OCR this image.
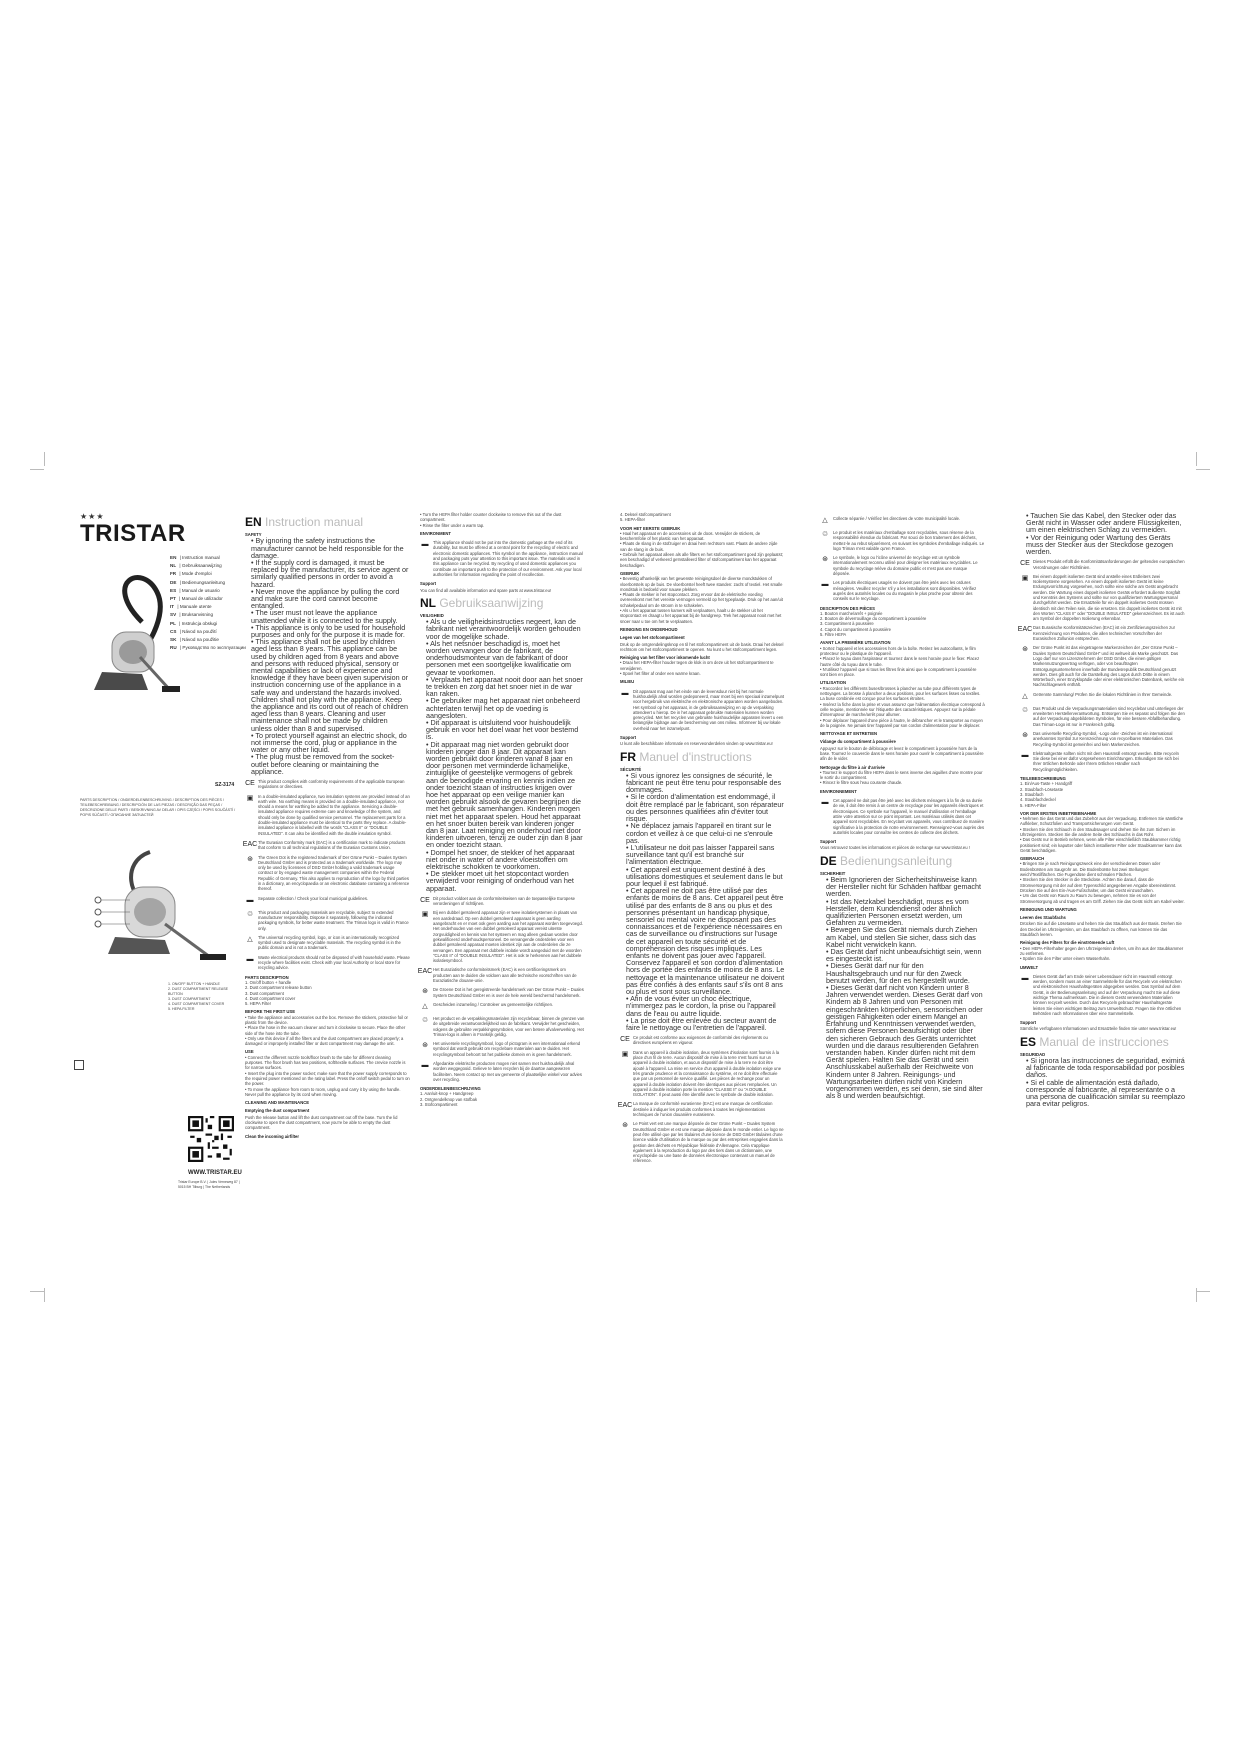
★★★
TRISTAR
EN | Instruction manual
NL | Gebruiksaanwijzing
FR | Mode d'emploi
DE | Bedienungsanleitung
ES | Manual de usuario
PT | Manual de utilizador
IT | Manuale utente
SV | Bruksanvisning
PL | Instrukcja obsługi
CS | Návod na použití
SK | Návod na použitie
RU | Руководство по эксплуатации
SZ-3174
PARTS DESCRIPTION / ONDERDELENBESCHRIJVING / DESCRIPTION DES PIÈCES / TEILEBESCHREIBUNG / DESCRIPCIÓN DE LAS PIEZAS / DESCRIÇÃO DAS PEÇAS / DESCRIZIONE DELLE PARTI / BESKRIVNING AV DELAR / OPIS CZĘŚCI / POPIS SOUČÁSTÍ / POPIS SÚČASTÍ / ОПИСАНИЕ ЗАПЧАСТЕЙ
1. ON/OFF BUTTON + HANDLE
2. DUST COMPARTMENT RELEASE BUTTON
3. DUST COMPARTMENT
4. DUST COMPARTMENT COVER
5. HEPA FILTER
WWW.TRISTAR.EU
Tristar Europe B.V. | Jules Verneweg 87 | 5015 BH Tilburg | The Netherlands
EN Instruction manual
SAFETY
• By ignoring the safety instructions the manufacturer cannot be held responsible for the damage.
• If the supply cord is damaged, it must be replaced by the manufacturer, its service agent or similarly qualified persons in order to avoid a hazard.
• Never move the appliance by pulling the cord and make sure the cord cannot become entangled.
• The user must not leave the appliance unattended while it is connected to the supply.
• This appliance is only to be used for household purposes and only for the purpose it is made for.
• This appliance shall not be used by children aged less than 8 years. This appliance can be used by children aged from 8 years and above and persons with reduced physical, sensory or mental capabilities or lack of experience and knowledge if they have been given supervision or instruction concerning use of the appliance in a safe way and understand the hazards involved. Children shall not play with the appliance. Keep the appliance and its cord out of reach of children aged less than 8 years. Cleaning and user maintenance shall not be made by children unless older than 8 and supervised.
• To protect yourself against an electric shock, do not immerse the cord, plug or appliance in the water or any other liquid.
• The plug must be removed from the socket-outlet before cleaning or maintaining the appliance.
CE This product complies with conformity requirements of the applicable European regulations or directives.
▣	In a double-insulated appliance, two insulation systems are provided instead of an earth wire. No earthing means is provided on a double-insulated appliance, nor should a means for earthing be added to the appliance. Servicing a double-insulated appliance requires extreme care and knowledge of the system, and should only be done by qualified service personnel. The replacement parts for a double-insulated appliance must be identical to the parts they replace. A double-insulated appliance is labelled with the words "CLASS II" or "DOUBLE INSULATED". It can also be identified with the double insulation symbol.
EAC The Eurasian Conformity mark (EAC) is a certification mark to indicate products that conform to all technical regulations of the Eurasian Customs Union.
⊛	The Green Dot is the registered trademark of Der Grüne Punkt – Duales System Deutschland GmbH and is protected as a trademark worldwide. The logo may only be used by licensees of DSD GmbH holding a valid trademark usage contract or by engaged waste management companies within the Federal Republic of Germany. This also applies to reproduction of the logo by third parties in a dictionary, an encyclopaedia or an electronic database containing a reference thereof.
▬	Separate collection / Check your local municipal guidelines.
♲	This product and packaging materials are recyclable, subject to extended manufacturer responsibility. Dispose it separately, following the indicated packaging symbols, for better waste treatment. The Triman logo is valid in France only.
△	The universal recycling symbol, logo, or icon is an internationally recognized symbol used to designate recyclable materials. The recycling symbol is in the public domain and is not a trademark.
▬	Waste electrical products should not be disposed of with household waste. Please recycle where facilities exist. Check with your local Authority or local store for recycling advice.
PARTS DESCRIPTION
1. On/off button + handle
2. Dust compartment release button
3. Dust compartment
4. Dust compartment cover
5. HEPA Filter
BEFORE THE FIRST USE
• Take the appliance and accessories out the box. Remove the stickers, protective foil or plastic from the device.
• Place the hose in the vacuum cleaner and turn it clockwise to secure. Place the other side of the hose into the tube.
• Only use this device if all the filters and the dust compartment are placed properly; a damaged or improperly installed filter or dust compartment may damage the unit.
USE
• Connect the different nozzle tools/floor brush to the tube for different cleaning purposes. The floor brush has two positions, soft/textile surfaces. The crevice nozzle is for narrow surfaces.
• Insert the plug into the power socket; make sure that the power supply corresponds to the required power mentioned on the rating label. Press the on/off switch pedal to turn on the power.
• To move the appliance from room to room, unplug and carry it by using the handle. Never pull the appliance by its cord when moving.
CLEANING AND MAINTENANCE
Emptying the dust compartment
Push the release button and lift the dust compartment out off the base. Turn the lid clockwise to open the dust compartment, now you're be able to empty the dust compartment.
Clean the incoming airfilter
• Turn the HEPA filter holder counter clockwise to remove this out of the dust compartment.
• Rinse the filter under a warm tap.
ENVIRONMENT
▬	This appliance should not be put into the domestic garbage at the end of its durability, but must be offered at a central point for the recycling of electric and electronic domestic appliances. This symbol on the appliance, instruction manual and packaging puts your attention to this important issue. The materials used in this appliance can be recycled. By recycling of used domestic appliances you contribute an important push to the protection of our environment. Ask your local authorities for information regarding the point of recollection.
Support
You can find all available information and spare parts at www.tristar.eu!
NL Gebruiksaanwijzing
VEILIGHEID
• Als u de veiligheidsinstructies negeert, kan de fabrikant niet verantwoordelijk worden gehouden voor de mogelijke schade.
• Als het netsnoer beschadigd is, moet het worden vervangen door de fabrikant, de onderhoudsmonteur van de fabrikant of door personen met een soortgelijke kwalificatie om gevaar te voorkomen.
• Verplaats het apparaat nooit door aan het snoer te trekken en zorg dat het snoer niet in de war kan raken.
• De gebruiker mag het apparaat niet onbeheerd achterlaten terwijl het op de voeding is aangesloten.
• Dit apparaat is uitsluitend voor huishoudelijk gebruik en voor het doel waar het voor bestemd is.
• Dit apparaat mag niet worden gebruikt door kinderen jonger dan 8 jaar. Dit apparaat kan worden gebruikt door kinderen vanaf 8 jaar en door personen met verminderde lichamelijke, zintuiglijke of geestelijke vermogens of gebrek aan de benodigde ervaring en kennis indien ze onder toezicht staan of instructies krijgen over hoe het apparaat op een veilige manier kan worden gebruikt alsook de gevaren begrijpen die met het gebruik samenhangen. Kinderen mogen niet met het apparaat spelen. Houd het apparaat en het snoer buiten bereik van kinderen jonger dan 8 jaar. Laat reiniging en onderhoud niet door kinderen uitvoeren, tenzij ze ouder zijn dan 8 jaar en onder toezicht staan.
• Dompel het snoer, de stekker of het apparaat niet onder in water of andere vloeistoffen om elektrische schokken te voorkomen.
• De stekker moet uit het stopcontact worden verwijderd voor reiniging of onderhoud van het apparaat.
CE Dit product voldoet aan de conformiteitseisen van de toepasselijke Europese verordeningen of richtlijnen.
▣	Bij een dubbel geïsoleerd apparaat zijn er twee isolatiesystemen in plaats van een aardedraad. Op een dubbel geïsoleerd apparaat is geen aarding aangebracht en er moet ook geen aarding aan het apparaat worden toegevoegd. Het onderhouden van een dubbel geïsoleerd apparaat vereist uiterste zorgvuldigheid en kennis van het systeem en mag alleen gedaan worden door gekwalificeerd onderhoudspersoneel. De vervangende onderdelen voor een dubbel geïsoleerd apparaat moeten identiek zijn aan de onderdelen die ze vervangen. Een apparaat met dubbele isolatie wordt aangeduid met de woorden "CLASS II" of "DOUBLE INSULATED". Het is ook te herkennen aan het dubbele isolatiesymbool.
EAC Het Euraziatische conformiteitsmerk (EAC) is een certificeringsmerk om producten aan te duiden die voldoen aan alle technische voorschriften van de Euraziatische douane-unie.
⊛	De Groene Dot is het geregistreerde handelsmerk van Der Grüne Punkt – Duales System Deutschland GmbH en is over de hele wereld beschermd handelsmerk.
△	Gescheiden inzameling / Controleer uw gemeentelijke richtlijnen.
♲	Het product en de verpakkingsmaterialen zijn recyclebaar, binnen de grenzen van de uitgebreide verantwoordelijkheid van de fabrikant. Verwijder het gescheiden, volgens de gebruikte verpakkingssymbolen, voor een betere afvalverwerking. Het Triman-logo is alleen in Frankrijk geldig.
⊛	Het universele recyclingsymbool, logo of pictogram is een internationaal erkend symbool dat wordt gebruikt om recyclebare materialen aan te duiden. Het recyclingsymbool behoort tot het publieke domein en is geen handelsmerk.
▬	Afgedankte elektrische producten mogen niet samen met huishoudelijk afval worden weggegooid. Gelieve te laten recyclen bij de daartoe aangewezen faciliteiten. Neem contact op met uw gemeente of plaatselijke winkel voor advies over recycling.
ONDERDELENBESCHRIJVING
1. Aan/uit-knop + Handgreep
2. Ontgrendelknop van stofbak
3. Stofcompartiment
4. Deksel stofcompartiment
5. HEPA-filter
VOOR HET EERSTE GEBRUIK
• Haal het apparaat en de accessoires uit de doos. Verwijder de stickers, de beschermfolie of het plastic van het apparaat.
• Plaats de slang in de stofzuiger en draai hem rechtsom vast. Plaats de andere zijde van de slang in de buis.
• Gebruik het apparaat alleen als alle filters en het stofcompartiment goed zijn geplaatst; een beschadigd of verkeerd geïnstalleerd filter of stofcompartiment kan het apparaat beschadigen.
GEBRUIK
• Bevestig afhankelijk van het gewenste reinigingsdoel de diverse mondstukken of vloerborstels op de buis. De vloerborstel heeft twee standen: zacht of textiel. Het smalle mondstuk is bedoeld voor nauwe plekken.
• Plaats de stekker in het stopcontact. Zorg ervoor dat de elektrische voeding overeenkomt met het vereiste vermogen vermeld op het typeplaatje. Druk op het aan/uit schakelpedaal om de stroom in te schakelen.
• Als u het apparaat tussen kamers wilt verplaatsen, haalt u de stekker uit het stopcontact en draagt u het apparaat bij de handgreep. Trek het apparaat nooit met het snoer naar u toe om het te verplaatsen.
REINIGING EN ONDERHOUD
Legen van het stofcompartiment
Druk op de ontgrendelingsknop en til het stofcompartiment uit de basis. Draai het deksel rechtsom om het stofcompartiment te openen. Nu kunt u het stofcompartiment legen.
Reiniging van het filter voor inkomende lucht
• Draai het HEPA-filter houder tegen de klok in om deze uit het stofcompartiment te verwijderen.
• Spoel het filter af onder een warme kraan.
MILIEU
▬	Dit apparaat mag aan het einde van de levensduur niet bij het normale huishoudelijk afval worden gedeponeerd, maar moet bij een speciaal inzamelpunt voor hergebruik van elektrische en elektronische apparaten worden aangeboden. Het symbool op het apparaat, in de gebruiksaanwijzing en op de verpakking attendeert u hierop. De in het apparaat gebruikte materialen kunnen worden gerecycled. Met het recyclen van gebruikte huishoudelijke apparaten levert u een belangrijke bijdrage aan de bescherming van ons milieu. Informeer bij uw lokale overheid naar het inzamelpunt.
Support
U kunt alle beschikbare informatie en reserveonderdelen vinden op www.tristar.eu!
FR Manuel d'instructions
SÉCURITÉ
• Si vous ignorez les consignes de sécurité, le fabricant ne peut être tenu pour responsable des dommages.
• Si le cordon d'alimentation est endommagé, il doit être remplacé par le fabricant, son réparateur ou des personnes qualifiées afin d'éviter tout risque.
• Ne déplacez jamais l'appareil en tirant sur le cordon et veillez à ce que celui-ci ne s'enroule pas.
• L'utilisateur ne doit pas laisser l'appareil sans surveillance tant qu'il est branché sur l'alimentation électrique.
• Cet appareil est uniquement destiné à des utilisations domestiques et seulement dans le but pour lequel il est fabriqué.
• Cet appareil ne doit pas être utilisé par des enfants de moins de 8 ans. Cet appareil peut être utilisé par des enfants de 8 ans ou plus et des personnes présentant un handicap physique, sensoriel ou mental voire ne disposant pas des connaissances et de l'expérience nécessaires en cas de surveillance ou d'instructions sur l'usage de cet appareil en toute sécurité et de compréhension des risques impliqués. Les enfants ne doivent pas jouer avec l'appareil. Conservez l'appareil et son cordon d'alimentation hors de portée des enfants de moins de 8 ans. Le nettoyage et la maintenance utilisateur ne doivent pas être confiés à des enfants sauf s'ils ont 8 ans ou plus et sont sous surveillance.
• Afin de vous éviter un choc électrique, n'immergez pas le cordon, la prise ou l'appareil dans de l'eau ou autre liquide.
• La prise doit être enlevée du secteur avant de faire le nettoyage ou l'entretien de l'appareil.
CE Ce produit est conforme aux exigences de conformité des règlements ou directives européens en vigueur.
▣	Dans un appareil à double isolation, deux systèmes d'isolation sont fournis à la place d'un fil de terre. Aucun dispositif de mise à la terre n'est fourni sur un appareil à double isolation, et aucun dispositif de mise à la terre ne doit être ajouté à l'appareil. La mise en service d'un appareil à double isolation exige une très grande prudence et la connaissance du système, et ne doit être effectuée que par un personnel de service qualifié. Les pièces de rechange pour un appareil à double isolation doivent être identiques aux pièces remplacées. Un appareil à double isolation porte la mention "CLASSE II" ou "A DOUBLE ISOLATION". Il peut aussi être identifié avec le symbole de double isolation.
EAC La marque de conformité eurasienne (EAC) est une marque de certification destinée à indiquer les produits conformes à toutes les réglementations techniques de l'union douanière eurasienne.
⊛	Le Point vert est une marque déposée de Der Grüne Punkt – Duales System Deutschland GmbH et est une marque déposée dans le monde entier. Le logo ne peut être utilisé que par les titulaires d'une licence de DSD GmbH titulaires d'une licence valide d'utilisation de la marque ou par des entreprises engagées dans la gestion des déchets en République fédérale d'Allemagne. Cela s'applique également à la reproduction du logo par des tiers dans un dictionnaire, une encyclopédie ou une base de données électronique contenant un manuel de référence.
△	Collecte séparée / Vérifiez les directives de votre municipalité locale.
♲	Le produit et les matériaux d'emballage sont recyclables, sous réserve de la responsabilité étendue du fabricant. Par souci de bon traitement des déchets, mettez-le au rebut séparément, en suivant les symboles d'emballage indiqués. Le logo Triman n'est valable qu'en France.
⊛	Le symbole, le logo ou l'icône universel de recyclage est un symbole internationalement reconnu utilisé pour désigner les matériaux recyclables. Le symbole du recyclage relève du domaine public et n'est pas une marque déposée.
▬	Les produits électriques usagés ne doivent pas être jetés avec les ordures ménagères. Veuillez recycler s'il y a les installations sont disponibles. Vérifiez auprès des autorités locales ou du magasin le plus proche pour obtenir des conseils sur le recyclage.
DESCRIPTION DES PIÈCES
1. Bouton marche/arrêt + poignée
2. Bouton de déverrouillage du compartiment à poussière
3. Compartiment à poussière
4. Capot du compartiment à poussière
5. Filtre HEPA
AVANT LA PREMIÈRE UTILISATION
• Sortez l'appareil et les accessoires hors de la boîte. Retirez les autocollants, le film protecteur ou le plastique de l'appareil.
• Placez le tuyau dans l'aspirateur et tournez dans le sens horaire pour le fixer. Placez l'autre côté du tuyau dans le tube.
• N'utilisez l'appareil que si tous les filtres finis ainsi que le compartiment à poussière sont bien en place.
UTILISATION
• Raccordez les différents buses/brosses à plancher au tube pour différents types de nettoyages. La brosse à plancher a deux positions, pour les surfaces lisses ou textiles. La buse combinée est conçue pour les surfaces étroites.
• Insérez la fiche dans la prise et vous assurez que l'alimentation électrique correspond à celle requise, mentionnée sur l'étiquette des caractéristiques. Appuyez sur la pédale d'interrupteur de marche/arrêt pour allumer.
• Pour déplacer l'appareil d'une pièce à l'autre, le débrancher et le transporter au moyen de la poignée. Ne jamais tirer l'appareil par son cordon d'alimentation pour le déplacer.
NETTOYAGE ET ENTRETIEN
Vidange du compartiment à poussière
Appuyez sur le bouton de déblocage et levez le compartiment à poussière hors de la base. Tournez le couvercle dans le sens horaire pour ouvrir le compartiment à poussière afin de le vider.
Nettoyage du filtre à air d'arrivée
• Tournez le support du filtre HEPA dans le sens inverse des aiguilles d'une montre pour le sortir du compartiment.
• Rincez le filtre sous l'eau courante chaude.
ENVIRONNEMENT
▬	Cet appareil ne doit pas être jeté avec les déchets ménagers à la fin de sa durée de vie, il doit être remis à un centre de recyclage pour les appareils électriques et électroniques. Ce symbole sur l'appareil, le manuel d'utilisation et l'emballage attire votre attention sur ce point important. Les matériaux utilisés dans cet appareil sont recyclables. En recyclant vos appareils, vous contribuez de manière significative à la protection de notre environnement. Renseignez-vous auprès des autorités locales pour connaître les centres de collecte des déchets.
Support
Vous retrouvez toutes les informations et pièces de rechange sur www.tristar.eu !
DE Bedienungsanleitung
SICHERHEIT
• Beim Ignorieren der Sicherheitshinweise kann der Hersteller nicht für Schäden haftbar gemacht werden.
• Ist das Netzkabel beschädigt, muss es vom Hersteller, dem Kundendienst oder ähnlich qualifizierten Personen ersetzt werden, um Gefahren zu vermeiden.
• Bewegen Sie das Gerät niemals durch Ziehen am Kabel, und stellen Sie sicher, dass sich das Kabel nicht verwickeln kann.
• Das Gerät darf nicht unbeaufsichtigt sein, wenn es eingesteckt ist.
• Dieses Gerät darf nur für den Haushaltsgebrauch und nur für den Zweck benutzt werden, für den es hergestellt wurde.
• Dieses Gerät darf nicht von Kindern unter 8 Jahren verwendet werden. Dieses Gerät darf von Kindern ab 8 Jahren und von Personen mit eingeschränkten körperlichen, sensorischen oder geistigen Fähigkeiten oder einem Mangel an Erfahrung und Kenntnissen verwendet werden, sofern diese Personen beaufsichtigt oder über den sicheren Gebrauch des Geräts unterrichtet wurden und die daraus resultierenden Gefahren verstanden haben. Kinder dürfen nicht mit dem Gerät spielen. Halten Sie das Gerät und sein Anschlusskabel außerhalb der Reichweite von Kindern unter 8 Jahren. Reinigungs- und Wartungsarbeiten dürfen nicht von Kindern vorgenommen werden, es sei denn, sie sind älter als 8 und werden beaufsichtigt.
• Tauchen Sie das Kabel, den Stecker oder das Gerät nicht in Wasser oder andere Flüssigkeiten, um einen elektrischen Schlag zu vermeiden.
• Vor der Reinigung oder Wartung des Geräts muss der Stecker aus der Steckdose gezogen werden.
CE Dieses Produkt erfüllt die Konformitätsanforderungen der geltenden europäischen Verordnungen oder Richtlinien.
▣	Bei einem doppelt isolierten Gerät sind anstelle eines Erdleiters zwei Isoliersysteme vorgesehen. An einem doppelt isolierten Gerät ist keine Erdungsvorrichtung vorgesehen, noch sollte eine solche am Gerät angebracht werden. Die Wartung eines doppelt isolierten Geräts erfordert äußerste Sorgfalt und Kenntnis des Systems und sollte nur von qualifiziertem Wartungspersonal durchgeführt werden. Die Ersatzteile für ein doppelt isoliertes Gerät müssen identisch mit den Teilen sein, die sie ersetzen. Ein doppelt isoliertes Gerät ist mit den Worten "CLASS II" oder "DOUBLE INSULATED" gekennzeichnet. Es ist auch am Symbol der doppelten Isolierung erkennbar.
EAC Das Eurasische Konformitätszeichen (EAC) ist ein Zertifizierungszeichen zur Kennzeichnung von Produkten, die allen technischen Vorschriften der Eurasischen Zollunion entsprechen.
⊛	Der Grüne Punkt ist das eingetragene Markenzeichen der „Der Grüne Punkt – Duales System Deutschland GmbH" und ist weltweit als Marke geschützt. Das Logo darf nur von Lizenznehmern der DSD GmbH, die einen gültigen Markennutzungsvertrag verfügen, oder von beauftragten Entsorgungsunternehmen innerhalb der Bundesrepublik Deutschland genutzt werden. Dies gilt auch für die Darstellung des Logos durch Dritte in einem Wörterbuch, einer Enzyklopädie oder einer elektronischen Datenbank, welche ein Nachschlagewerk enthält.
△	Getrennte Sammlung/ Prüfen Sie die lokalen Richtlinien in Ihrer Gemeinde.
♲	Das Produkt und die Verpackungsmaterialien sind recyclebar und unterliegen der erweiterten Herstellerverantwortung. Entsorgen Sie es separat und folgen Sie den auf der Verpackung abgebildeten Symbolen, für eine bessere Abfallbehandlung. Das Triman-Logo ist nur in Frankreich gültig.
⊛	Das universelle Recycling-Symbol, -Logo oder -Zeichen ist ein international anerkanntes Symbol zur Kennzeichnung von recycelbaren Materialien. Das Recycling-Symbol ist gemeinfrei und kein Markenzeichen.
▬	Elektroaltgeräte sollten nicht mit dem Hausmüll entsorgt werden. Bitte recyceln Sie diese bei einer dafür vorgesehenen Einrichtungen. Erkundigen Sie sich bei Ihrer örtlichen Behörde oder Ihrem örtlichen Händler nach Recyclingmöglichkeiten.
TEILEBESCHREIBUNG
1. Ein/Aus-Taste + Handgriff
2. Staubfach-Lösetaste
3. Staubfach
4. Staubfachdeckel
5. HEPA-Filter
VOR DER ERSTEN INBETRIEBNAHME
• Nehmen Sie das Gerät und das Zubehör aus der Verpackung. Entfernen Sie sämtliche Aufkleber, Schutzfolien und Transportsicherungen vom Gerät.
• Stecken Sie den Schlauch in den Staubsauger und drehen Sie ihn zum Sichern im Uhrzeigersinn. Stecken Sie die andere Seite des Schlauchs in das Rohr.
• Das Gerät nur in Betrieb nehmen, wenn alle Filter einschließlich Staubkammer richtig positioniert sind; ein kaputter oder falsch installierter Filter oder Staubkammer kann das Gerät beschädigen.
GEBRAUCH
• Bringen Sie je nach Reinigungszweck eine der verschiedenen Düsen oder Bodenbürsten am Saugrohr an. Die Bodenbürste hat zwei Stellungen: weich/Textilflächen. Die Fugendüse dient schmalen Flächen.
• Stecken Sie den Stecker in die Steckdose. Achten Sie darauf, dass die Stromversorgung mit der auf dem Typenschild angegebenen Angabe übereinstimmt. Drücken Sie auf den Ein-/Aus-Fußschalter, um das Gerät einzuschalten.
• Um das Gerät von Raum zu Raum zu bewegen, nehmen Sie es von der Stromversorgung ab und tragen es am Griff. Ziehen Sie das Gerät nicht am Kabel weiter.
REINIGUNG UND WARTUNG
Leeren des Staubfachs
Drücken Sie auf die Lösetaste und heben Sie das Staubfach aus der Basis. Drehen Sie den Deckel im Uhrzeigersinn, um das Staubfach zu öffnen, nun können Sie das Staubfach leeren.
Reinigung des Filters für die einströmende Luft
• Den HEPA-Filterhalter gegen den Uhrzeigersinn drehen, um ihn aus der Staubkammer zu entfernen.
• Spülen Sie den Filter unter einem Wasserhahn.
UMWELT
▬	Dieses Gerät darf am Ende seiner Lebensdauer nicht im Hausmüll entsorgt werden, sondern muss an einer Sammelstelle für das Recyceln von elektrischen und elektronischen Haushaltsgeräten abgegeben werden. Das Symbol auf dem Gerät, in der Bedienungsanleitung und auf der Verpackung macht Sie auf diese wichtige Thema aufmerksam. Die in diesem Gerät verwendeten Materialien können recycelt werden. Durch das Recyceln gebrauchter Haushaltsgeräte leisten Sie einen wichtigen Beitrag zum Umweltschutz. Fragen Sie Ihre örtlichen Behörden nach Informationen über eine Sammelstelle.
Support
Sämtliche verfügbaren Informationen und Ersatzteile finden Sie unter www.tristar.eu!
ES Manual de instrucciones
SEGURIDAD
• Si ignora las instrucciones de seguridad, eximirá al fabricante de toda responsabilidad por posibles daños.
• Si el cable de alimentación está dañado, corresponde al fabricante, al representante o a una persona de cualificación similar su reemplazo para evitar peligros.
